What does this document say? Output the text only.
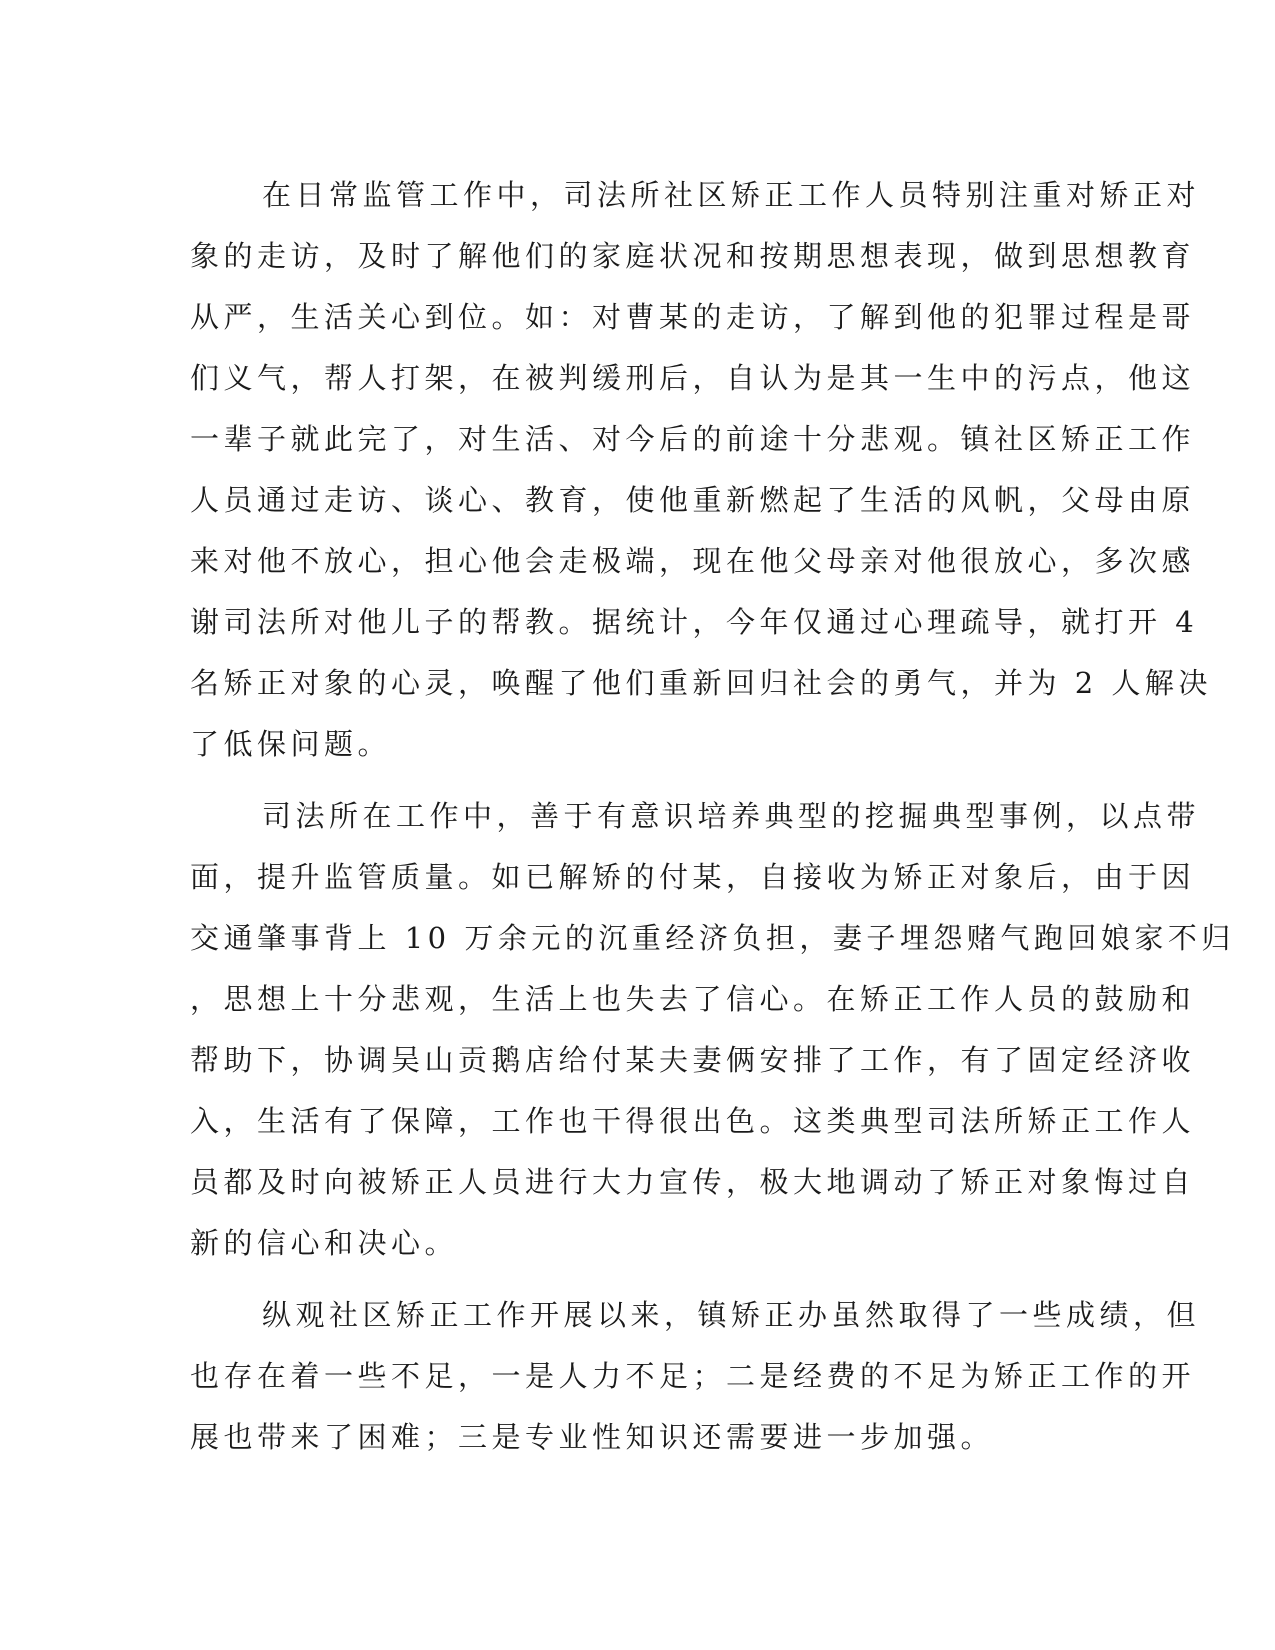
在日常监管工作中，司法所社区矫正工作人员特别注重对矫正对
象的走访，及时了解他们的家庭状况和按期思想表现，做到思想教育
从严，生活关心到位。如：对曹某的走访，了解到他的犯罪过程是哥
们义气，帮人打架，在被判缓刑后，自认为是其一生中的污点，他这
一辈子就此完了，对生活、对今后的前途十分悲观。镇社区矫正工作
人员通过走访、谈心、教育，使他重新燃起了生活的风帆，父母由原
来对他不放心，担心他会走极端，现在他父母亲对他很放心，多次感
谢司法所对他儿子的帮教。据统计，今年仅通过心理疏导，就打开 4
名矫正对象的心灵，唤醒了他们重新回归社会的勇气，并为 2 人解决
了低保问题。
司法所在工作中，善于有意识培养典型的挖掘典型事例，以点带
面，提升监管质量。如已解矫的付某，自接收为矫正对象后，由于因
交通肇事背上 10 万余元的沉重经济负担，妻子埋怨赌气跑回娘家不归
，思想上十分悲观，生活上也失去了信心。在矫正工作人员的鼓励和
帮助下，协调吴山贡鹅店给付某夫妻俩安排了工作，有了固定经济收
入，生活有了保障，工作也干得很出色。这类典型司法所矫正工作人
员都及时向被矫正人员进行大力宣传，极大地调动了矫正对象悔过自
新的信心和决心。
纵观社区矫正工作开展以来，镇矫正办虽然取得了一些成绩，但
也存在着一些不足，一是人力不足；二是经费的不足为矫正工作的开
展也带来了困难；三是专业性知识还需要进一步加强。
